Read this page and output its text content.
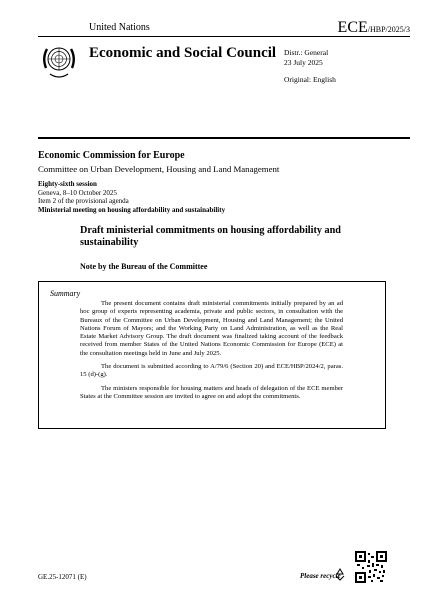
United Nations	ECE/HBP/2025/3
Economic and Social Council Distr.: General
23 July 2025
Original: English
Economic Commission for Europe
Committee on Urban Development, Housing and Land Management
Eighty-sixth session
Geneva, 8–10 October 2025
Item 2 of the provisional agenda
Ministerial meeting on housing affordability and sustainability
Draft ministerial commitments on housing affordability and sustainability
Note by the Bureau of the Committee
Summary

The present document contains draft ministerial commitments initially prepared by an ad hoc group of experts representing academia, private and public sectors, in consultation with the Bureaux of the Committee on Urban Development, Housing and Land Management; the United Nations Forum of Mayors; and the Working Party on Land Administration, as well as the Real Estate Market Advisory Group. The draft document was finalized taking account of the feedback received from member States of the United Nations Economic Commission for Europe (ECE) at the consultation meetings held in June and July 2025.

The document is submitted according to A/79/6 (Section 20) and ECE/HBP/2024/2, paras. 15 (d)-(g).

The ministers responsible for housing matters and heads of delegation of the ECE member States at the Committee session are invited to agree on and adopt the commitments.

GE.25-12071 (E)	Please recycle
